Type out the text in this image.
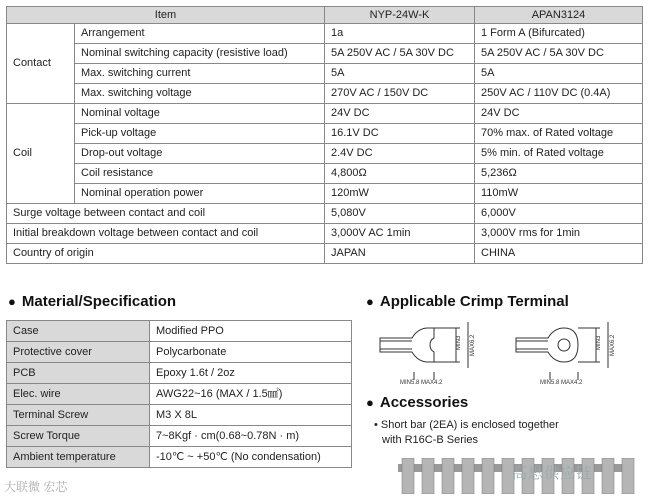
Item		NYP-24W-K	APAN3124
Contact	Arrangement	1a	1 Form A (Bifurcated)
	Nominal switching capacity (resistive load)	5A 250V AC / 5A 30V DC	5A 250V AC / 5A 30V DC
	Max. switching current	5A	5A
	Max. switching voltage	270V AC / 150V DC	250V AC / 110V DC (0.4A)
Coil	Nominal voltage	24V DC	24V DC
	Pick-up voltage	16.1V DC	70% max. of Rated voltage
	Drop-out voltage	2.4V DC	5% min. of Rated voltage
	Coil resistance	4,800Ω	5,236Ω
	Nominal operation power	120mW	110mW
Surge voltage between contact and coil		5,080V	6,000V
Initial breakdown voltage between contact and coil		3,000V AC 1min	3,000V rms for 1min
Country of origin		JAPAN	CHINA
● Material/Specification
Case	Modified PPO
Protective cover	Polycarbonate
PCB	Epoxy 1.6t / 2oz
Elec. wire	AWG22~16 (MAX / 1.5㎟)
Terminal Screw	M3 X 8L
Screw Torque	7~8Kgf · cm(0.68~0.78N · m)
Ambient temperature	-10℃ ~ +50℃ (No condensation)
● Applicable Crimp Terminal
MIN3 MAX6.2
MIN5.8 MAX4.2
MIN3 MAX6.2
MIN5.8 MAX4.2
● Accessories
• Short bar (2EA) is enclosed together
with R16C-B Series
高思供应链
大联微 宏芯
